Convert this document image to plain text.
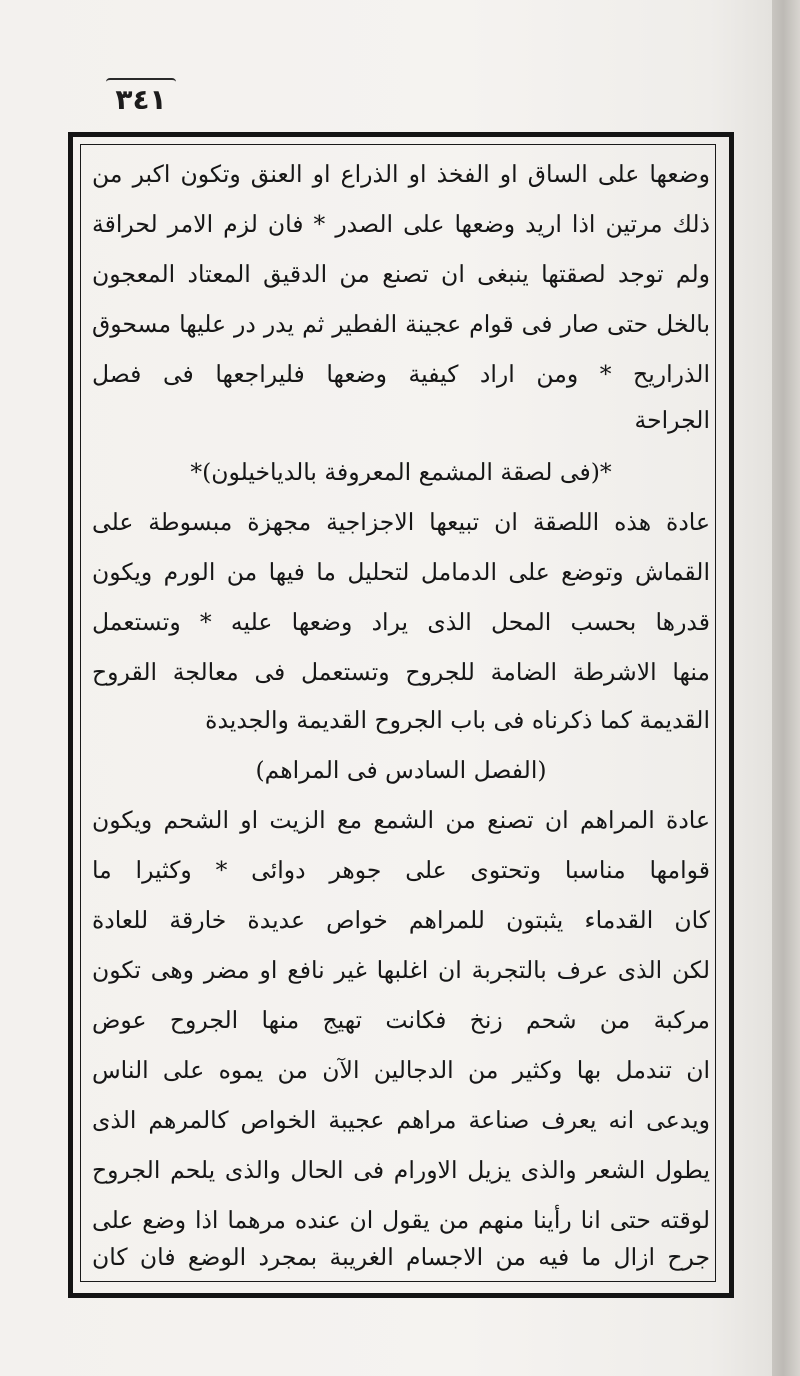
٣٤١
وضعها على الساق او الفخذ او الذراع او العنق وتكون اكبر من
ذلك مرتين اذا اريد وضعها على الصدر * فان لزم الامر لحراقة
ولم توجد لصقتها ينبغى ان تصنع من الدقيق المعتاد المعجون
بالخل حتى صار فى قوام عجينة الفطير ثم يدر در عليها مسحوق
الذراريح * ومن اراد كيفية وضعها فليراجعها فى فصل
الجراحة
*(فى لصقة المشمع المعروفة بالدياخيلون)*
عادة هذه اللصقة ان تبيعها الاجزاجية مجهزة مبسوطة على
القماش وتوضع على الدمامل لتحليل ما فيها من الورم ويكون
قدرها بحسب المحل الذى يراد وضعها عليه * وتستعمل
منها الاشرطة الضامة للجروح وتستعمل فى معالجة القروح
القديمة كما ذكرناه فى باب الجروح القديمة والجديدة
(الفصل السادس فى المراهم)
عادة المراهم ان تصنع من الشمع مع الزيت او الشحم ويكون
قوامها مناسبا وتحتوى على جوهر دوائى * وكثيرا ما
كان القدماء يثبتون للمراهم خواص عديدة خارقة للعادة
لكن الذى عرف بالتجربة ان اغلبها غير نافع او مضر وهى تكون
مركبة من شحم زنخ فكانت تهيج منها الجروح عوض
ان تندمل بها وكثير من الدجالين الآن من يموه على الناس
ويدعى انه يعرف صناعة مراهم عجيبة الخواص كالمرهم الذى
يطول الشعر والذى يزيل الاورام فى الحال والذى يلحم الجروح
لوقته حتى انا رأينا منهم من يقول ان عنده مرهما اذا وضع على
جرح ازال ما فيه من الاجسام الغريبة بمجرد الوضع فان كان
